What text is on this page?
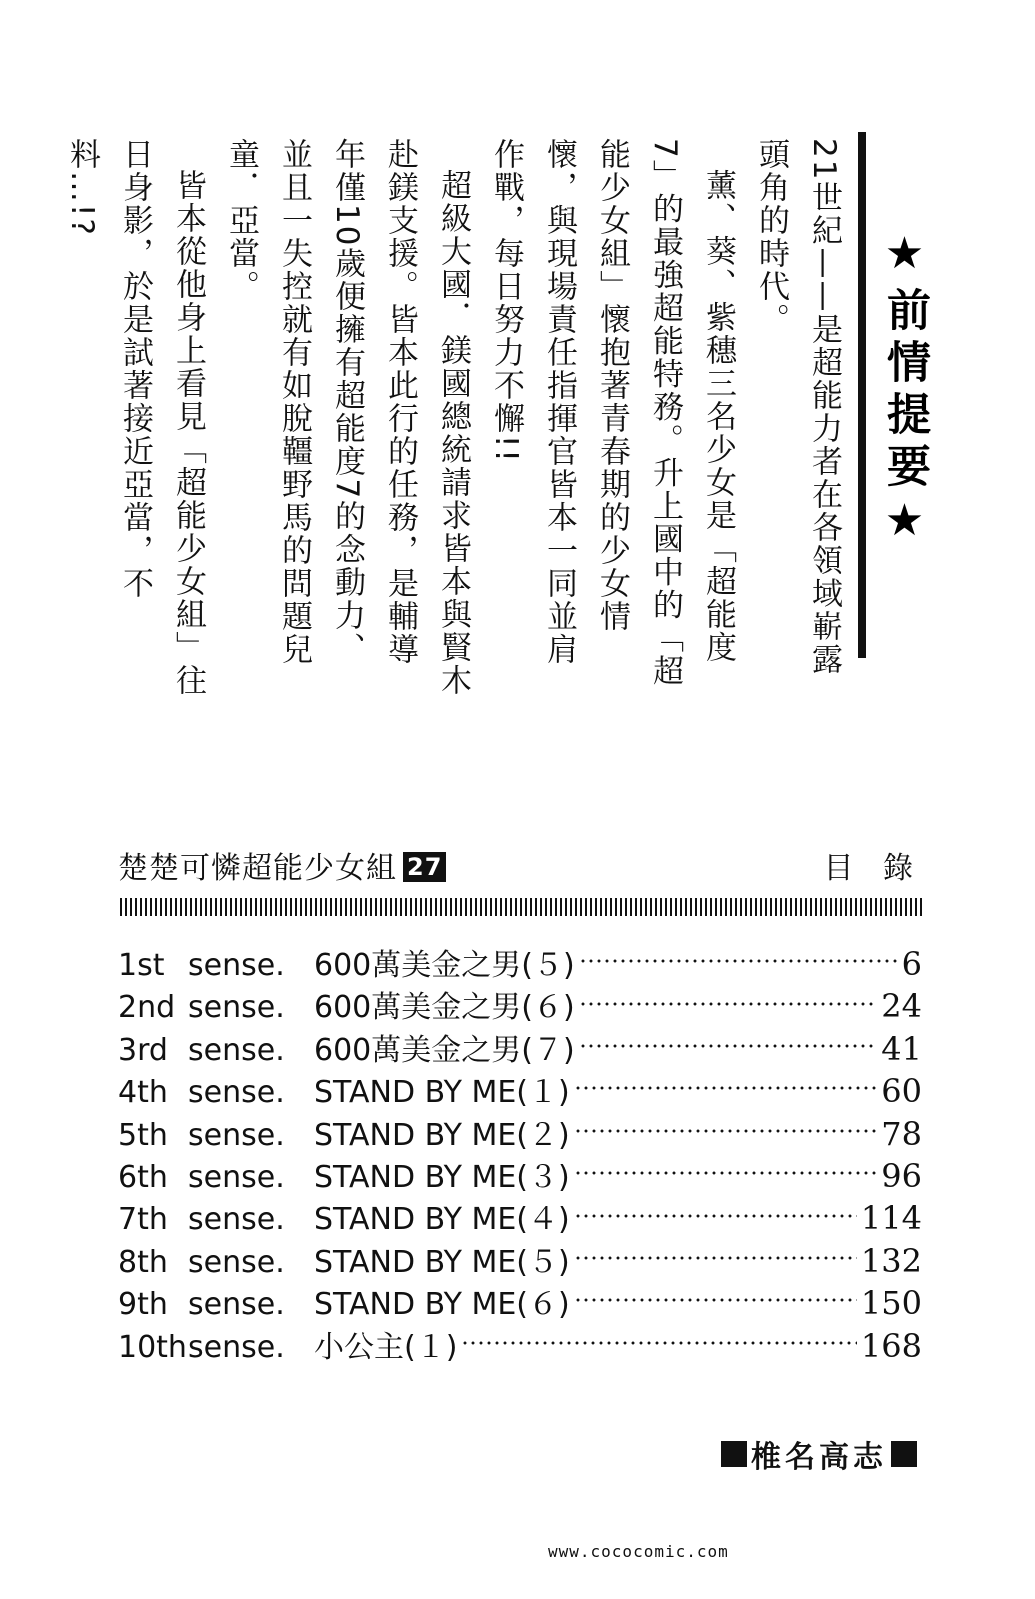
★前情提要★

21世紀——是超能力者在各領域嶄露頭角的時代。

薰、葵、紫穗三名少女是「超能度7」的最強超能特務。升上國中的「超能少女組」懷抱著青春期的少女情懷，與現場責任指揮官皆本一同並肩作戰，每日努力不懈!!

超級大國．鎂國總統請求皆本與賢木赴鎂支援。皆本此行的任務，是輔導年僅10歲便擁有超能度7的念動力、並且一失控就有如脫韁野馬的問題兒童．亞當。

皆本從他身上看見「超能少女組」往日身影，於是試著接近亞當，不料…!?

楚楚可憐超能少女組 27	目 錄
1st sense. 600萬美金之男(５)	6
2nd sense. 600萬美金之男(６)	24
3rd sense. 600萬美金之男(７)	41
4th sense. STAND BY ME(１)	60
5th sense. STAND BY ME(２)	78
6th sense. STAND BY ME(３)	96
7th sense. STAND BY ME(４)	114
8th sense. STAND BY ME(５)	132
9th sense. STAND BY ME(６)	150
10th sense. 小公主(１)	168
椎名高志
www.cococomic.com
